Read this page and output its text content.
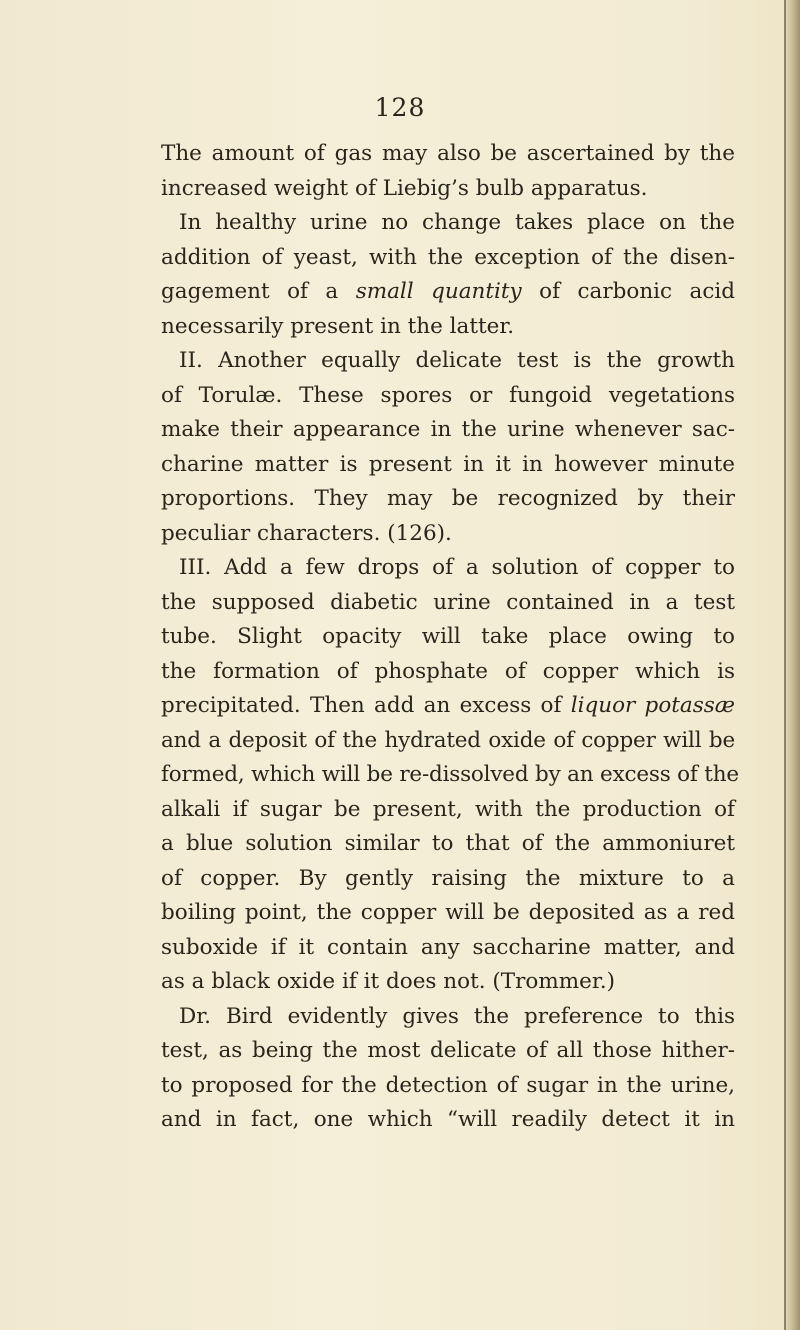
128
The amount of gas may also be ascertained by the
increased weight of Liebig’s bulb apparatus.
In healthy urine no change takes place on the
addition of yeast, with the exception of the disen-
gagement of a small quantity of carbonic acid
necessarily present in the latter.
II. Another equally delicate test is the growth
of Torulæ. These spores or fungoid vegetations
make their appearance in the urine whenever sac-
charine matter is present in it in however minute
proportions. They may be recognized by their
peculiar characters. (126).
III. Add a few drops of a solution of copper to
the supposed diabetic urine contained in a test
tube. Slight opacity will take place owing to
the formation of phosphate of copper which is
precipitated. Then add an excess of liquor potassæ
and a deposit of the hydrated oxide of copper will be
formed, which will be re-dissolved by an excess of the
alkali if sugar be present, with the production of
a blue solution similar to that of the ammoniuret
of copper. By gently raising the mixture to a
boiling point, the copper will be deposited as a red
suboxide if it contain any saccharine matter, and
as a black oxide if it does not. (Trommer.)
Dr. Bird evidently gives the preference to this
test, as being the most delicate of all those hither-
to proposed for the detection of sugar in the urine,
and in fact, one which “will readily detect it in
